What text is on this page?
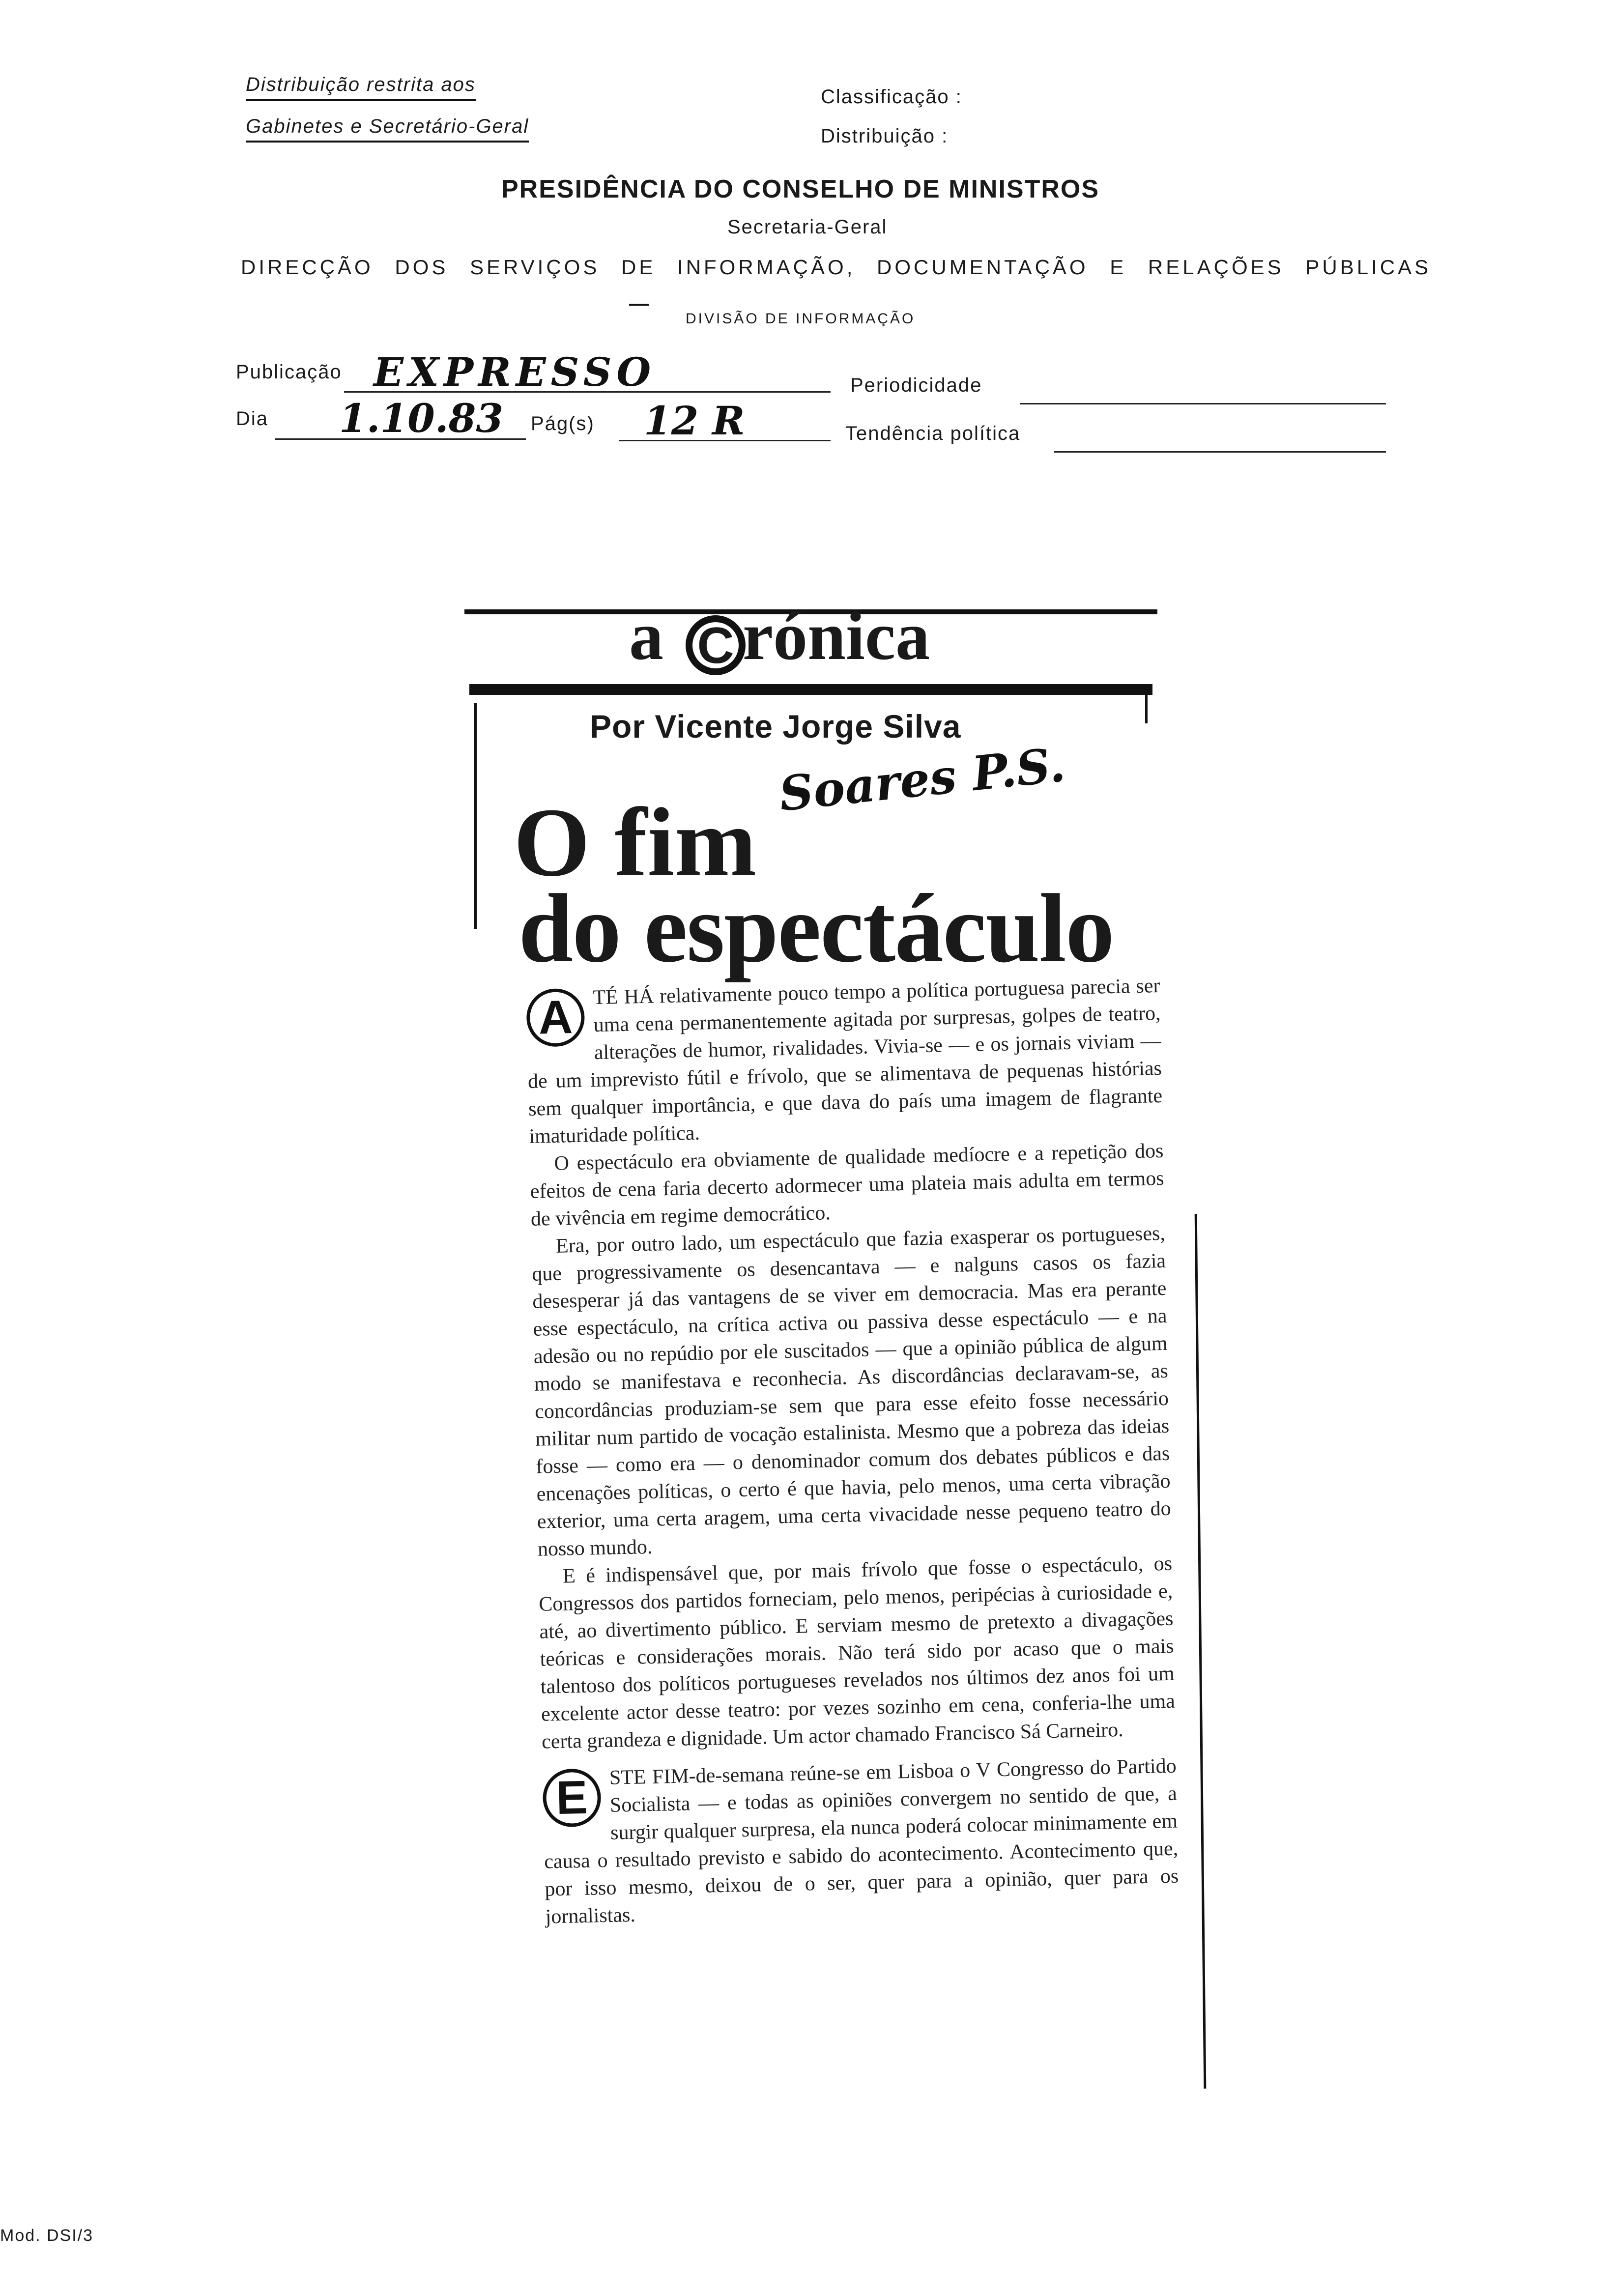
Distribuição restrita aos
Gabinetes e Secretário-Geral
Classificação :
Distribuição :
PRESIDÊNCIA DO CONSELHO DE MINISTROS
Secretaria-Geral
DIRECÇÃO DOS SERVIÇOS DE INFORMAÇÃO, DOCUMENTAÇÃO E RELAÇÕES PÚBLICAS
DIVISÃO DE INFORMAÇÃO
Publicação EXPRESSO	Periodicidade
Dia 1.10.83 Pág(s) 12 R	Tendência política
a C rónica
Por Vicente Jorge Silva
Soares P.S.
O fim
do espectáculo

A TÉ HÁ relativamente pouco tempo a política portuguesa parecia ser uma cena permanentemente agitada por surpresas, golpes de teatro, alterações de humor, rivalidades. Vivia-se — e os jornais viviam — de um imprevisto fútil e frívolo, que se alimentava de pequenas histórias sem qualquer importância, e que dava do país uma imagem de flagrante imaturidade política.

O espectáculo era obviamente de qualidade medíocre e a repetição dos efeitos de cena faria decerto adormecer uma plateia mais adulta em termos de vivência em regime democrático.

Era, por outro lado, um espectáculo que fazia exasperar os portugueses, que progressivamente os desencantava — e nalguns casos os fazia desesperar já das vantagens de se viver em democracia. Mas era perante esse espectáculo, na crítica activa ou passiva desse espectáculo — e na adesão ou no repúdio por ele suscitados — que a opinião pública de algum modo se manifestava e reconhecia. As discordâncias declaravam-se, as concordâncias produziam-se sem que para esse efeito fosse necessário militar num partido de vocação estalinista. Mesmo que a pobreza das ideias fosse — como era — o denominador comum dos debates públicos e das encenações políticas, o certo é que havia, pelo menos, uma certa vibração exterior, uma certa aragem, uma certa vivacidade nesse pequeno teatro do nosso mundo.

E é indispensável que, por mais frívolo que fosse o espectáculo, os Congressos dos partidos forneciam, pelo menos, peripécias à curiosidade e, até, ao divertimento público. E serviam mesmo de pretexto a divagações teóricas e considerações morais. Não terá sido por acaso que o mais talentoso dos políticos portugueses revelados nos últimos dez anos foi um excelente actor desse teatro: por vezes sozinho em cena, conferia-lhe uma certa grandeza e dignidade. Um actor chamado Francisco Sá Carneiro.

E	STE FIM-de-semana reúne-se em Lisboa o V Congresso do Partido Socialista — e todas as opiniões convergem no sentido de que, a surgir qualquer surpresa, ela nunca poderá colocar minimamente em causa o resultado previsto e sabido do acontecimento. Acontecimento que, por isso mesmo, deixou de o ser, quer para a opinião, quer para os jornalistas.

Mod. DSI/3
